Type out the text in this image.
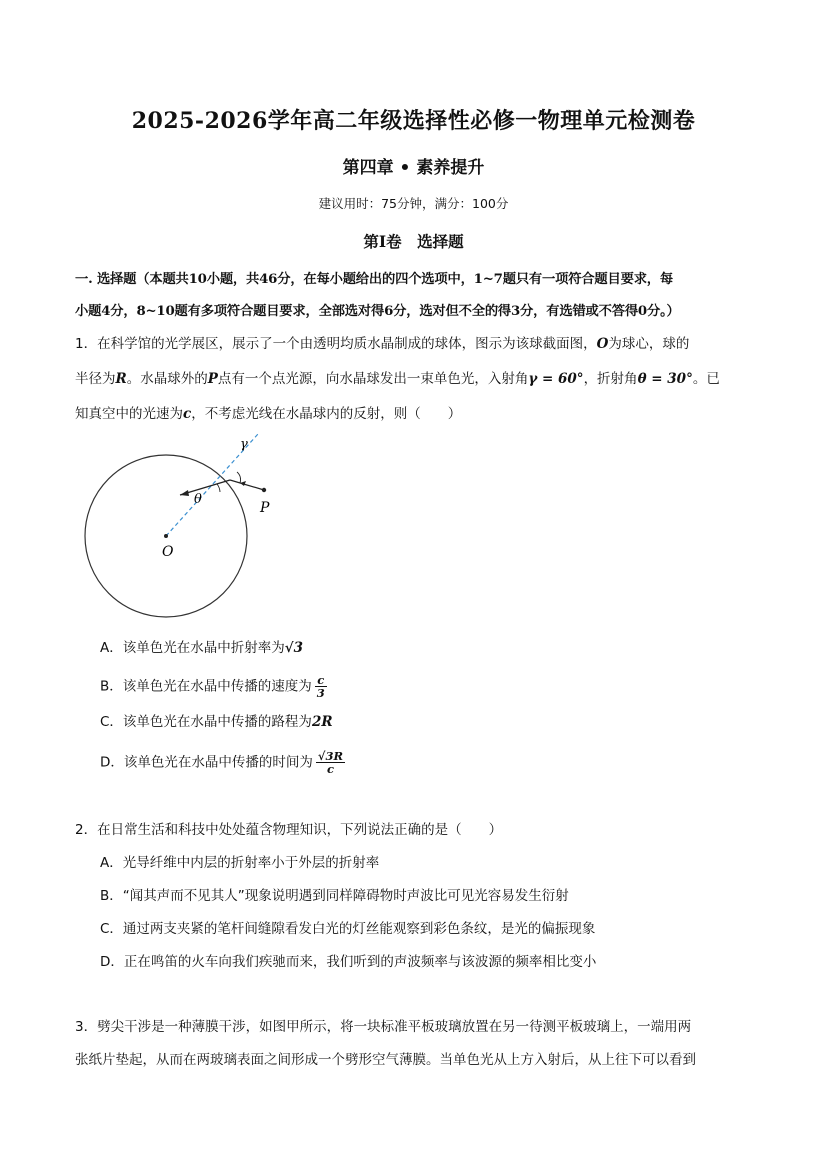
2025-2026学年高二年级选择性必修一物理单元检测卷
第四章 • 素养提升
建议用时：75分钟，满分：100分
第Ⅰ卷 选择题
一. 选择题（本题共10小题，共46分，在每小题给出的四个选项中，1~7题只有一项符合题目要求，每
小题4分，8~10题有多项符合题目要求，全部选对得6分，选对但不全的得3分，有选错或不答得0分。）
1．在科学馆的光学展区，展示了一个由透明均质水晶制成的球体，图示为该球截面图，O为球心，球的
半径为R。水晶球外的P点有一个点光源，向水晶球发出一束单色光，入射角γ = 60°，折射角θ = 30°。已
知真空中的光速为c，不考虑光线在水晶球内的反射，则（　　）
γ
θ
P
O
A．该单色光在水晶中折射率为√3
B．该单色光在水晶中传播的速度为 $\frac{c}{3}$
C．该单色光在水晶中传播的路程为2R
D．该单色光在水晶中传播的时间为 $\frac{√3R}{c}$
2．在日常生活和科技中处处蕴含物理知识，下列说法正确的是（　　）
A．光导纤维中内层的折射率小于外层的折射率
B．“闻其声而不见其人”现象说明遇到同样障碍物时声波比可见光容易发生衍射
C．通过两支夹紧的笔杆间缝隙看发白光的灯丝能观察到彩色条纹，是光的偏振现象
D．正在鸣笛的火车向我们疾驰而来，我们听到的声波频率与该波源的频率相比变小
3．劈尖干涉是一种薄膜干涉，如图甲所示，将一块标准平板玻璃放置在另一待测平板玻璃上，一端用两
张纸片垫起，从而在两玻璃表面之间形成一个劈形空气薄膜。当单色光从上方入射后，从上往下可以看到
